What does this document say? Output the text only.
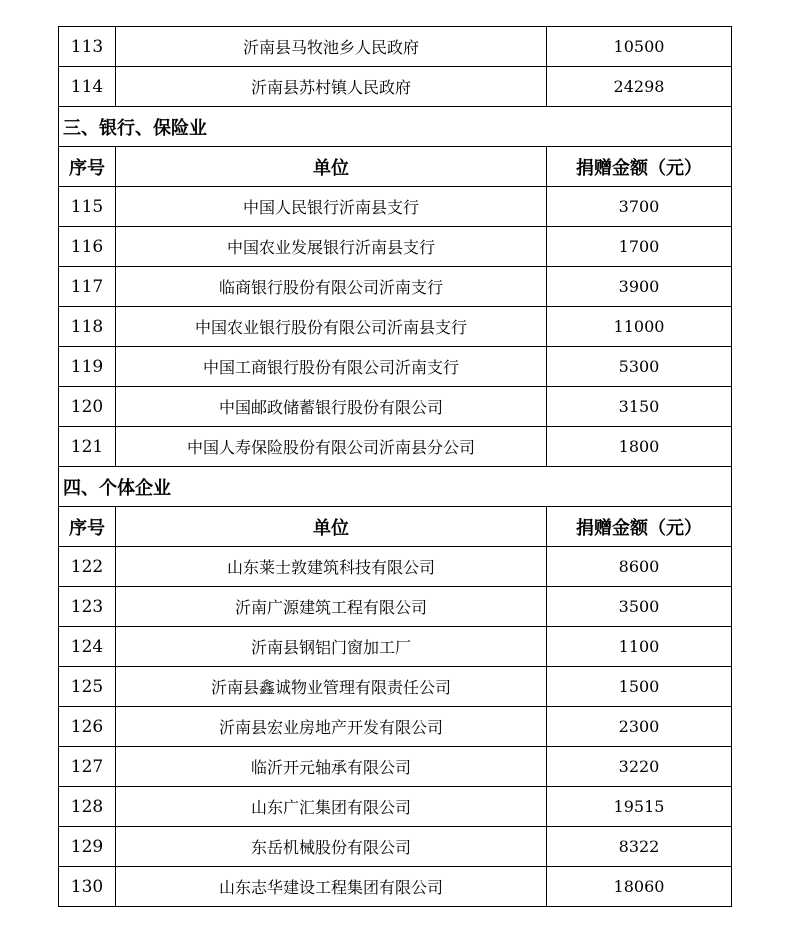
113	沂南县马牧池乡人民政府	10500
114	沂南县苏村镇人民政府	24298
三、银行、保险业		
序号	单位	捐赠金额（元）
115	中国人民银行沂南县支行	3700
116	中国农业发展银行沂南县支行	1700
117	临商银行股份有限公司沂南支行	3900
118	中国农业银行股份有限公司沂南县支行	11000
119	中国工商银行股份有限公司沂南支行	5300
120	中国邮政储蓄银行股份有限公司	3150
121	中国人寿保险股份有限公司沂南县分公司	1800
四、个体企业		
序号	单位	捐赠金额（元）
122	山东莱士敦建筑科技有限公司	8600
123	沂南广源建筑工程有限公司	3500
124	沂南县钢铝门窗加工厂	1100
125	沂南县鑫诚物业管理有限责任公司	1500
126	沂南县宏业房地产开发有限公司	2300
127	临沂开元轴承有限公司	3220
128	山东广汇集团有限公司	19515
129	东岳机械股份有限公司	8322
130	山东志华建设工程集团有限公司	18060
